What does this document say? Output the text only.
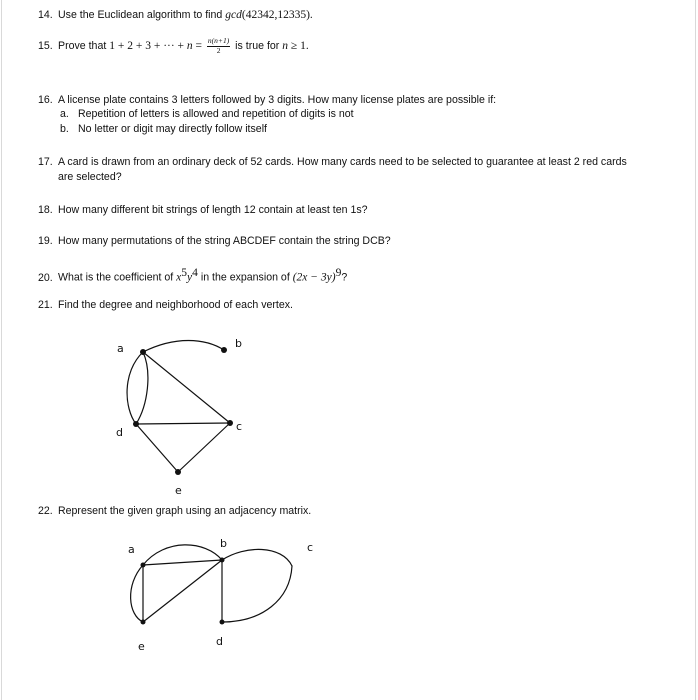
14. Use the Euclidean algorithm to find gcd(42342,12335).
15. Prove that 1 + 2 + 3 + ··· + $n = \frac{n(n+1)}{2}$ is true for n ≥ 1.
16. A license plate contains 3 letters followed by 3 digits. How many license plates are possible if:
a. Repetition of letters is allowed and repetition of digits is not
b. No letter or digit may directly follow itself
17. A card is drawn from an ordinary deck of 52 cards. How many cards need to be selected to guarantee at least 2 red cards
are selected?
18. How many different bit strings of length 12 contain at least ten 1s?
19. How many permutations of the string ABCDEF contain the string DCB?
20. What is the coefficient of $x^5y^4$ in the expansion of $(2x - 3y)^9$?
21. Find the degree and neighborhood of each vertex.
a	b
c
d
e
22. Represent the given graph using an adjacency matrix.
a	b	c
e	d
